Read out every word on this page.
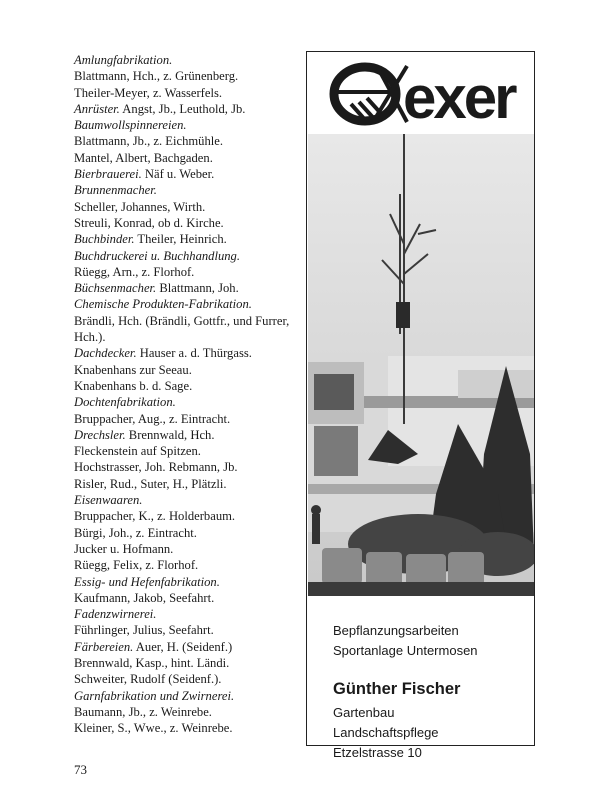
Amlungfabrikation.
Blattmann, Hch., z. Grünenberg.
Theiler-Meyer, z. Wasserfels.
Anrüster. Angst, Jb., Leuthold, Jb.
Baumwollspinnereien.
Blattmann, Jb., z. Eichmühle.
Mantel, Albert, Bachgaden.
Bierbrauerei. Näf u. Weber.
Brunnenmacher.
Scheller, Johannes, Wirth.
Streuli, Konrad, ob d. Kirche.
Buchbinder. Theiler, Heinrich.
Buchdruckerei u. Buchhandlung.
Rüegg, Arn., z. Florhof.
Büchsenmacher. Blattmann, Joh.
Chemische Produkten-Fabrikation.
Brändli, Hch. (Brändli, Gottfr., und Furrer, Hch.).
Dachdecker. Hauser a. d. Thürgass.
Knabenhans zur Seeau.
Knabenhans b. d. Sage.
Dochtenfabrikation.
Bruppacher, Aug., z. Eintracht.
Drechsler. Brennwald, Hch.
Fleckenstein auf Spitzen.
Hochstrasser, Joh. Rebmann, Jb.
Risler, Rud., Suter, H., Plätzli.
Eisenwaaren.
Bruppacher, K., z. Holderbaum.
Bürgi, Joh., z. Eintracht.
Jucker u. Hofmann.
Rüegg, Felix, z. Florhof.
Essig- und Hefenfabrikation.
Kaufmann, Jakob, Seefahrt.
Fadenzwirnerei.
Führlinger, Julius, Seefahrt.
Färbereien. Auer, H. (Seidenf.)
Brennwald, Kasp., hint. Ländi.
Schweiter, Rudolf (Seidenf.).
Garnfabrikation und Zwirnerei.
Baumann, Jb., z. Weinrebe.
Kleiner, S., Wwe., z. Weinrebe.
exer
Bepflanzungsarbeiten
Sportanlage Untermosen
Günther Fischer
Gartenbau
Landschaftspflege
Etzelstrasse 10
73
